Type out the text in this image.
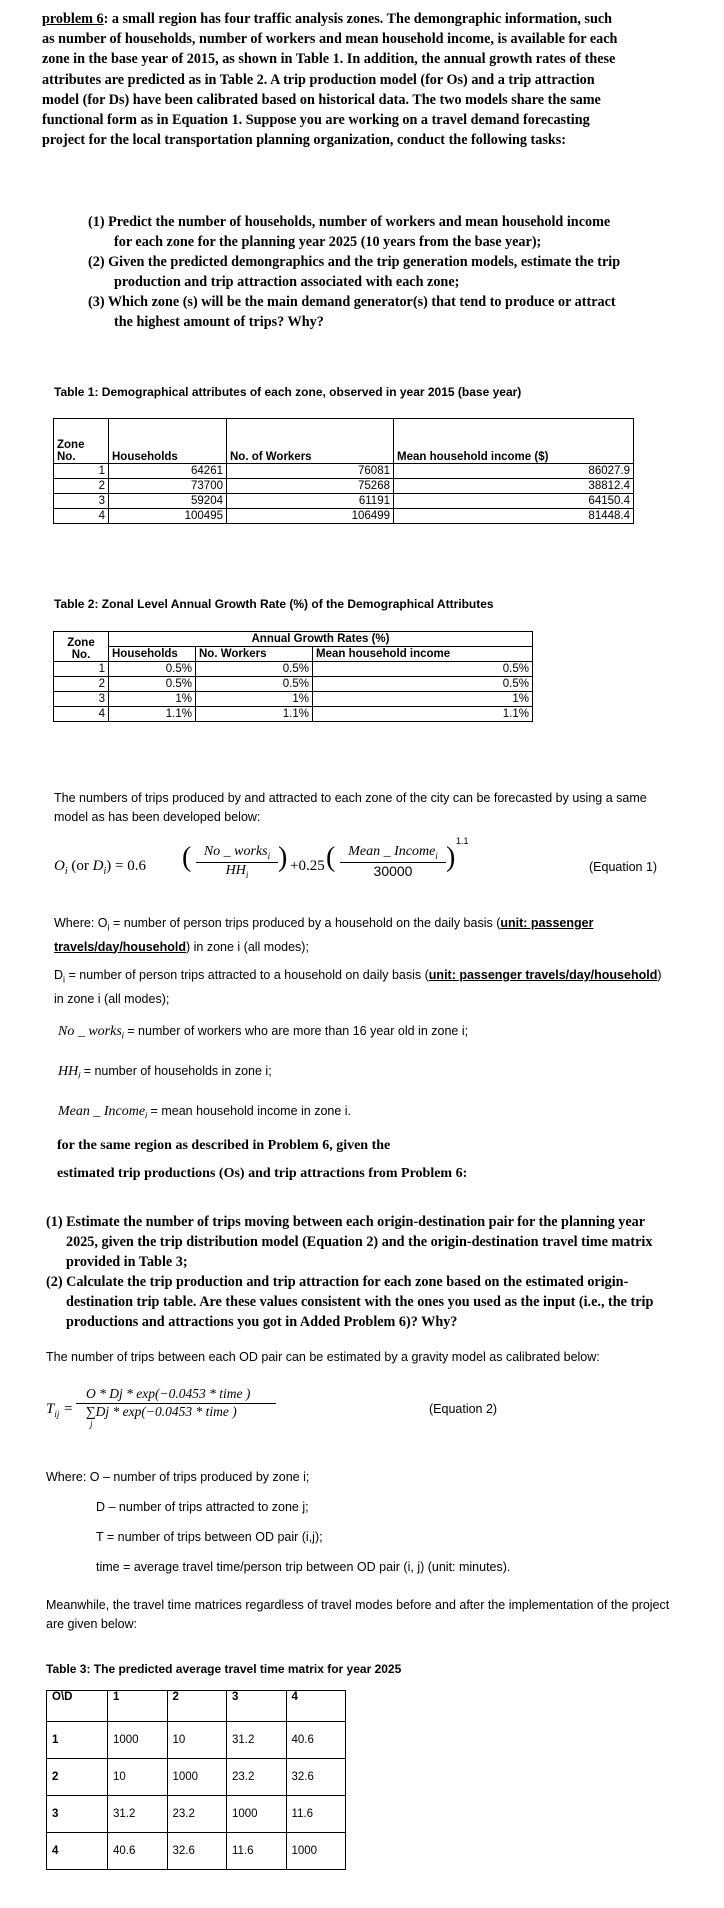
problem 6: a small region has four traffic analysis zones. The demongraphic information, such as number of households, number of workers and mean household income, is available for each zone in the base year of 2015, as shown in Table 1. In addition, the annual growth rates of these attributes are predicted as in Table 2. A trip production model (for Os) and a trip attraction model (for Ds) have been calibrated based on historical data. The two models share the same functional form as in Equation 1. Suppose you are working on a travel demand forecasting project for the local transportation planning organization, conduct the following tasks:
(1) Predict the number of households, number of workers and mean household income for each zone for the planning year 2025 (10 years from the base year);
(2) Given the predicted demongraphics and the trip generation models, estimate the trip production and trip attraction associated with each zone;
(3) Which zone (s) will be the main demand generator(s) that tend to produce or attract the highest amount of trips? Why?
Table 1: Demographical attributes of each zone, observed in year 2015 (base year)
Zone No.	Households	No. of Workers	Mean household income ($)
1	64261	76081	86027.9
2	73700	75268	38812.4
3	59204	61191	64150.4
4	100495	106499	81448.4
Table 2: Zonal Level Annual Growth Rate (%) of the Demographical Attributes
Zone No.	Annual Growth Rates (%)		
	Households	No. Workers	Mean household income
1	0.5%	0.5%	0.5%
2	0.5%	0.5%	0.5%
3	1%	1%	1%
4	1.1%	1.1%	1.1%
The numbers of trips produced by and attracted to each zone of the city can be forecasted by using a same model as has been developed below:
$O_i$ (or $D_i) = 0.6$ ( No _ works$_i$
$HH_i$
) +0.25 ( Mean _ Income$_i$
30000	)
1.1
(Equation 1)
Where: $O_i$ = number of person trips produced by a household on the daily basis (unit: passenger travels/day/household) in zone i (all modes);
$D_i$ = number of person trips attracted to a household on daily basis (unit: passenger travels/day/household) in zone i (all modes);
No _ works$_i$ = number of workers who are more than 16 year old in zone i;
$HH_i$ = number of households in zone i;
Mean _ Income$_i$ = mean household income in zone i.
for the same region as described in Problem 6, given the
estimated trip productions (Os) and trip attractions from Problem 6:
(1) Estimate the number of trips moving between each origin-destination pair for the planning year 2025, given the trip distribution model (Equation 2) and the origin-destination travel time matrix provided in Table 3;
(2) Calculate the trip production and trip attraction for each zone based on the estimated origin-destination trip table. Are these values consistent with the ones you used as the input (i.e., the trip productions and attractions you got in Added Problem 6)? Why?
The number of trips between each OD pair can be estimated by a gravity model as calibrated below:
$T_{ij}$ =
O * Dj * exp(−0.0453 * time )
∑Dj * exp(−0.0453 * time )
j
(Equation 2)
Where: O – number of trips produced by zone i;
D – number of trips attracted to zone j;
T = number of trips between OD pair (i,j);
time = average travel time/person trip between OD pair (i, j) (unit: minutes).
Meanwhile, the travel time matrices regardless of travel modes before and after the implementation of the project are given below:
Table 3: The predicted average travel time matrix for year 2025
O\D	1	2	3	4
1	1000	10	31.2	40.6
2	10	1000	23.2	32.6
3	31.2	23.2	1000	11.6
4	40.6	32.6	11.6	1000
